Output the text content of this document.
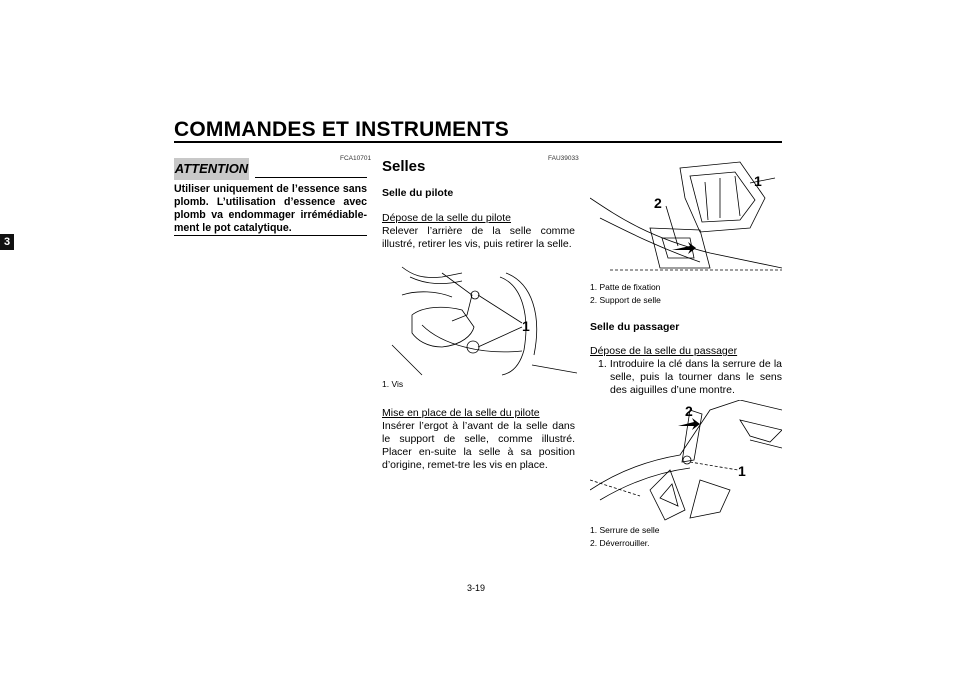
COMMANDES ET INSTRUMENTS
3
FCA10701
ATTENTION
Utiliser uniquement de l’essence sans plomb. L’utilisation d’essence avec plomb va endommager irrémédiable-ment le pot catalytique.
FAU39033
Selles
Selle du pilote
Dépose de la selle du pilote
Relever l’arrière de la selle comme illustré, retirer les vis, puis retirer la selle.
1
1. Vis
Mise en place de la selle du pilote
Insérer l’ergot à l’avant de la selle dans le support de selle, comme illustré. Placer en-suite la selle à sa position d’origine, remet-tre les vis en place.
1
2
1. Patte de fixation
2. Support de selle
Selle du passager
Dépose de la selle du passager
1. Introduire la clé dans la serrure de la selle, puis la tourner dans le sens des aiguilles d’une montre.
2
1
1. Serrure de selle
2. Déverrouiller.
3-19
